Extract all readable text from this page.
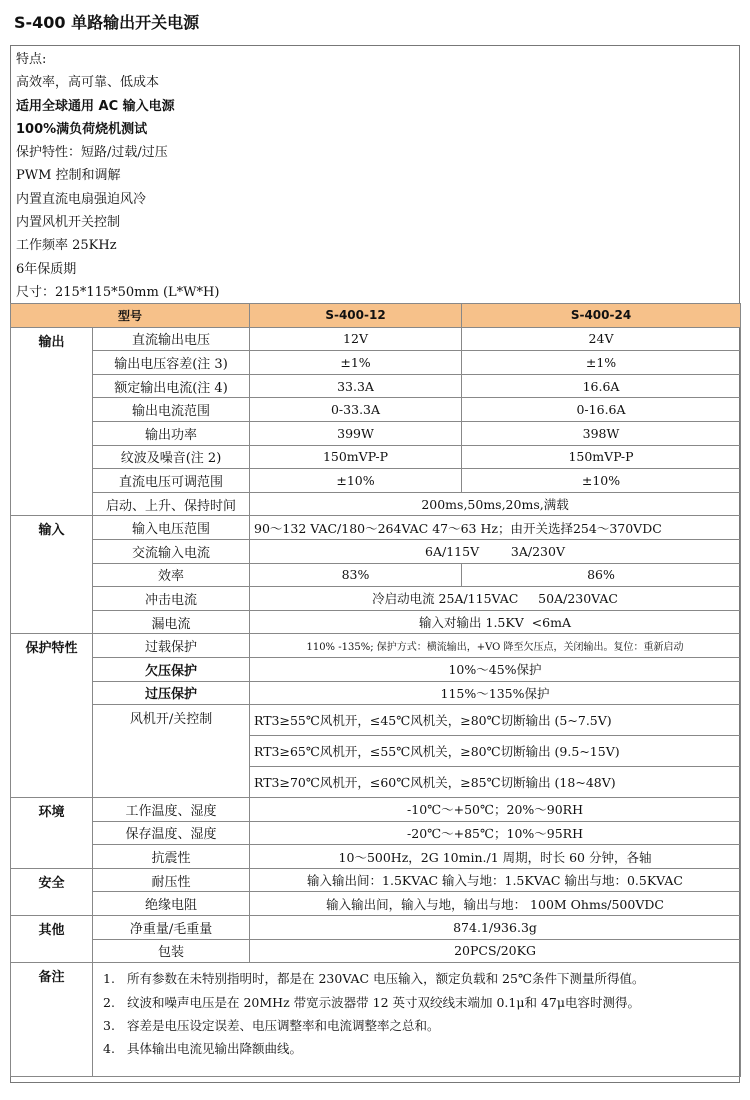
S-400 单路输出开关电源
特点:
高效率，高可靠、低成本
适用全球通用 AC 输入电源
100%满负荷烧机测试
保护特性：短路/过载/过压
PWM 控制和调解
内置直流电扇强迫风冷
内置风机开关控制
工作频率 25KHz
6年保质期
尺寸：215*115*50mm (L*W*H)
型号		S-400-12	S-400-24
输出	直流输出电压	12V	24V
	输出电压容差(注 3)	±1%	±1%
	额定输出电流(注 4)	33.3A	16.6A
	输出电流范围	0-33.3A	0-16.6A
	输出功率	399W	398W
	纹波及噪音(注 2)	150mVP-P	150mVP-P
	直流电压可调范围	±10%	±10%
	启动、上升、保持时间	200ms,50ms,20ms,满载	
输入	输入电压范围	90～132 VAC/180～264VAC 47～63 Hz；由开关选择254～370VDC	
	交流输入电流	6A/115V        3A/230V	
	效率	83%	86%
	冲击电流	冷启动电流 25A/115VAC     50A/230VAC	
	漏电流	输入对输出 1.5KV  <6mA	
保护特性	过载保护	110% -135%; 保护方式：横流输出，+VO 降至欠压点，关闭输出。复位：重新启动	
	欠压保护	10%～45%保护	
	过压保护	115%～135%保护	
	风机开/关控制	RT3≥55℃风机开，≤45℃风机关，≥80℃切断输出 (5~7.5V)	
		RT3≥65℃风机开，≤55℃风机关，≥80℃切断输出 (9.5~15V)	
		RT3≥70℃风机开，≤60℃风机关，≥85℃切断输出 (18~48V)	
环境	工作温度、湿度	-10℃～+50℃；20%～90RH	
	保存温度、湿度	-20℃～+85℃；10%～95RH	
	抗震性	10～500Hz，2G 10min./1 周期，时长 60 分钟，各轴	
安全	耐压性	输入输出间：1.5KVAC 输入与地：1.5KVAC 输出与地：0.5KVAC	
	绝缘电阻	输入输出间，输入与地，输出与地： 100M Ohms/500VDC	
其他	净重量/毛重量	874.1/936.3g	
	包装	20PCS/20KG	
备注	1. 所有参数在未特别指明时，都是在 230VAC 电压输入，额定负载和 25℃条件下测量所得值。
2. 纹波和噪声电压是在 20MHz 带宽示波器带 12 英寸双绞线末端加 0.1μ和 47μ电容时测得。
3. 容差是电压设定误差、电压调整率和电流调整率之总和。
4. 具体输出电流见输出降额曲线。		
